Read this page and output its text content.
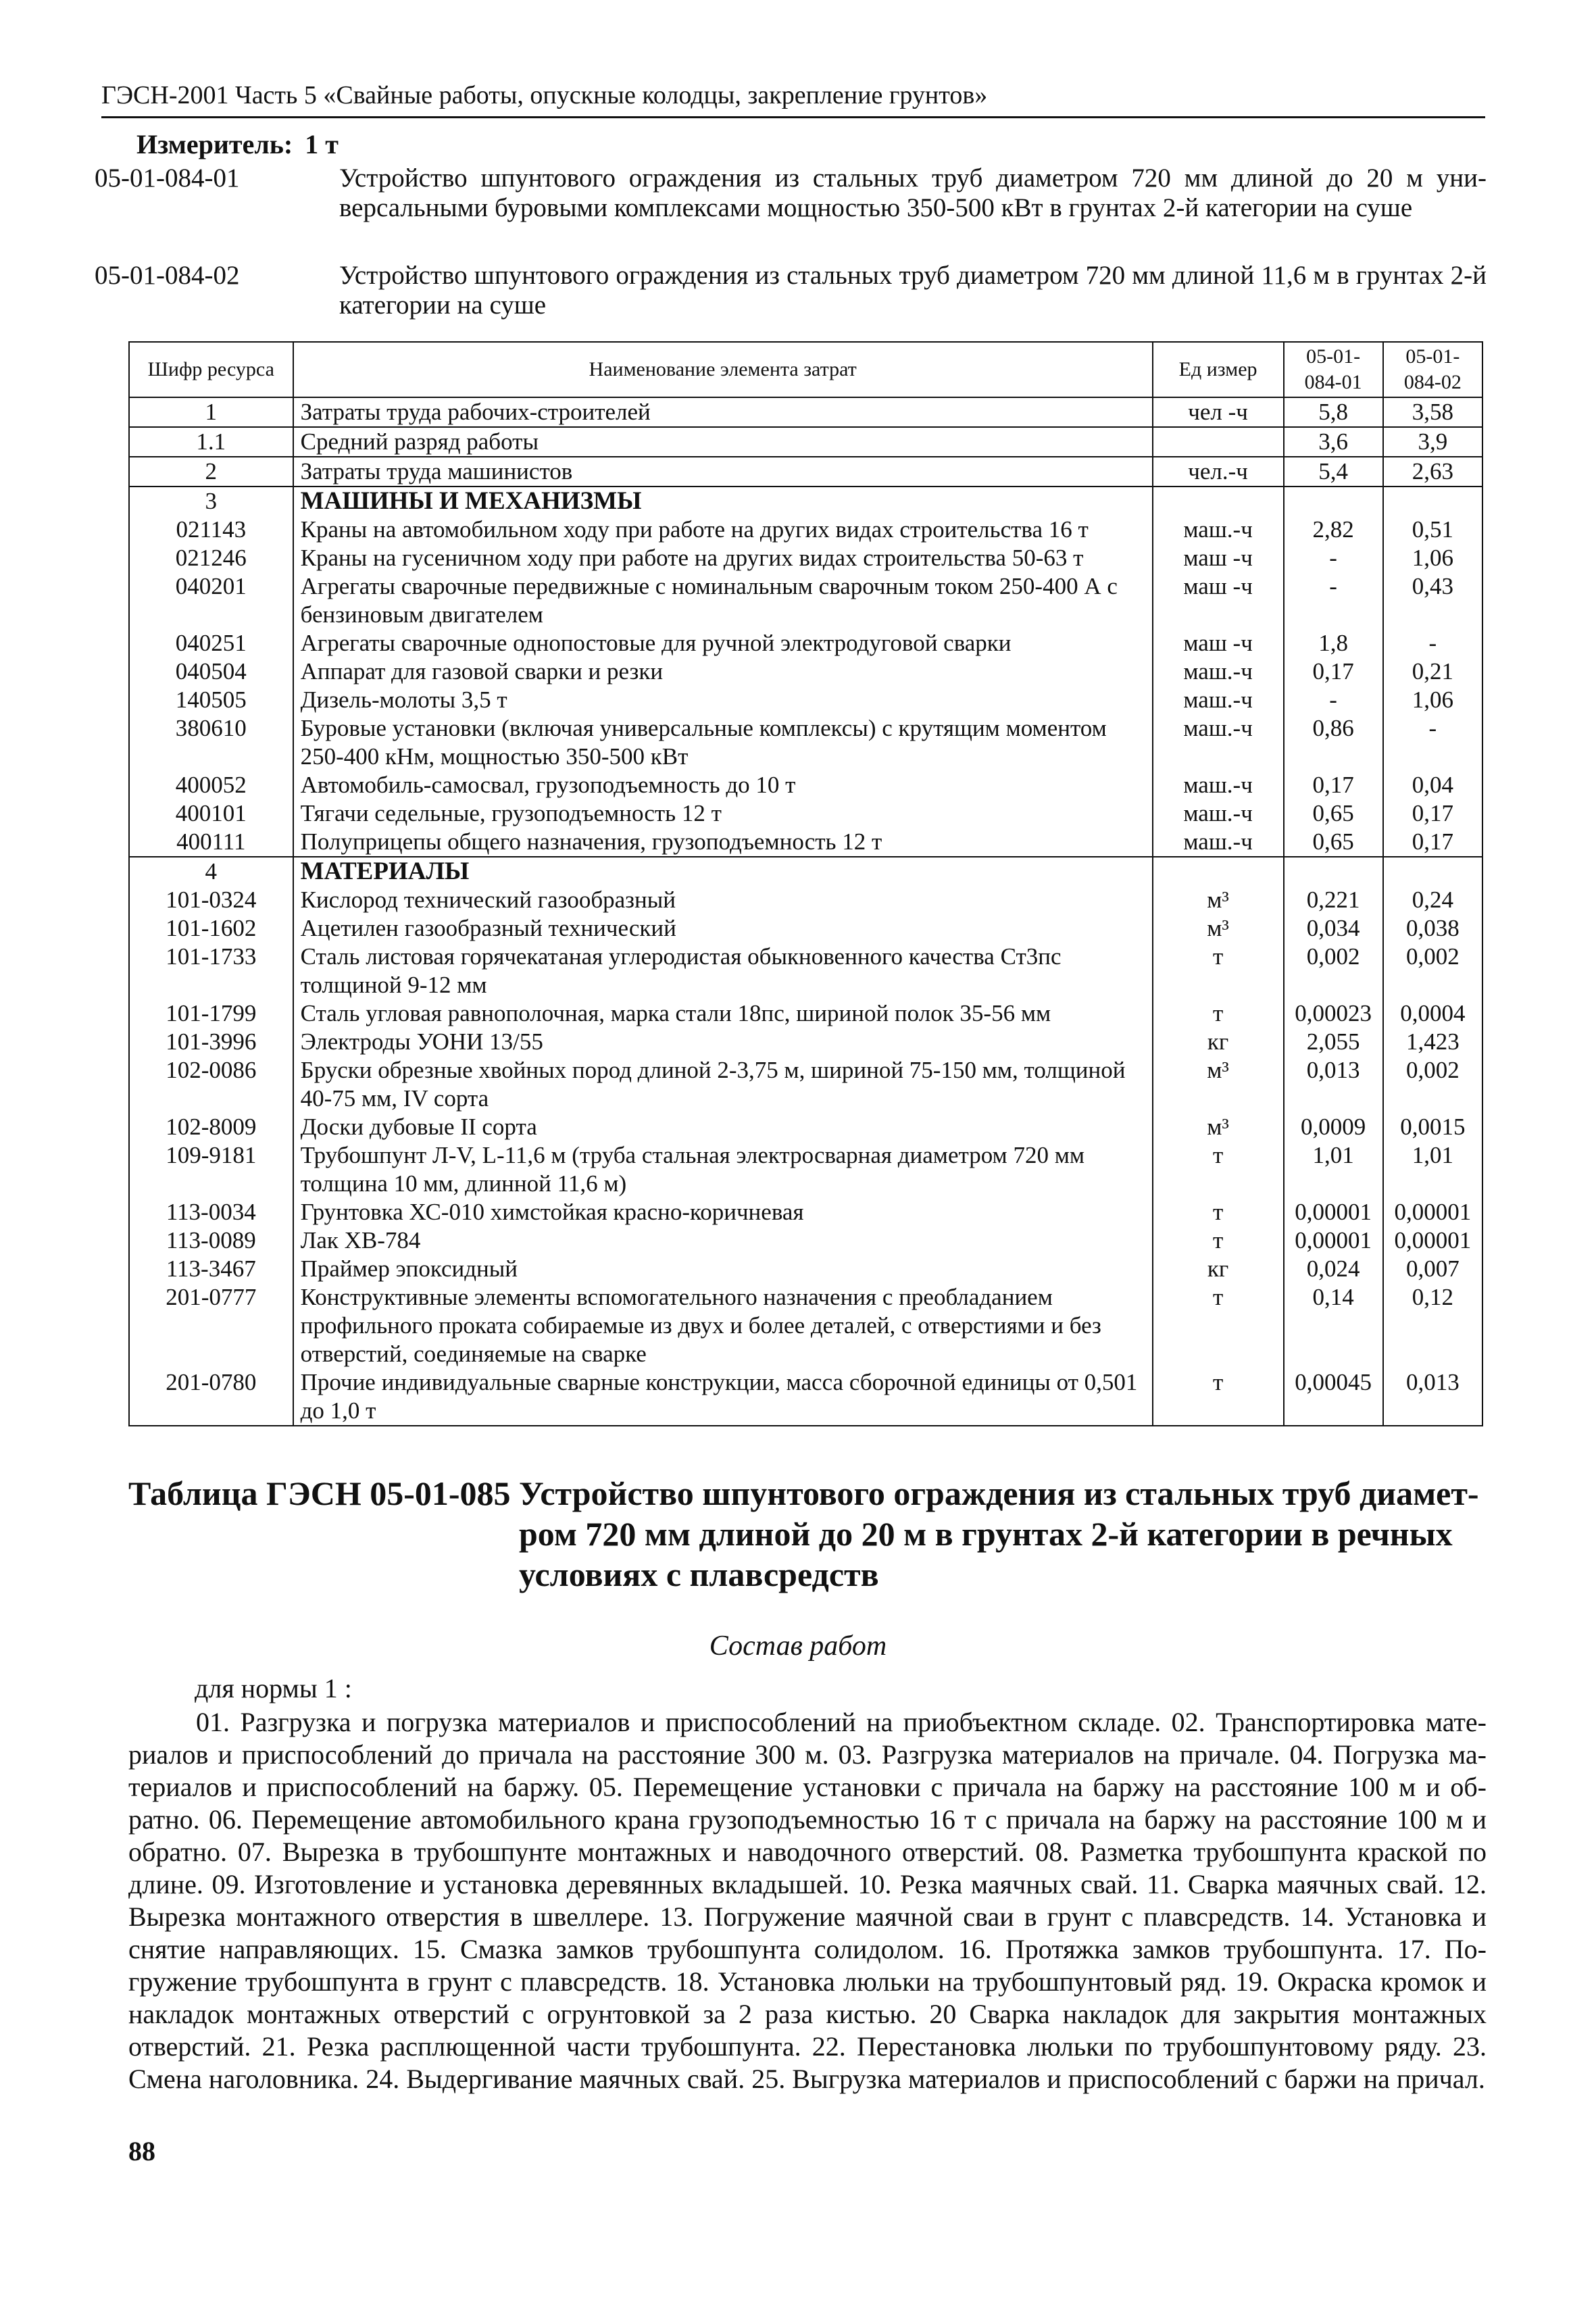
ГЭСН-2001 Часть 5 «Свайные работы, опускные колодцы, закрепление грунтов»
Измеритель: 1 т
05-01-084-01	Устройство шпунтового ограждения из стальных труб диаметром 720 мм длиной до 20 м универсальными буровыми комплексами мощностью 350-500 кВт в грунтах 2-й категории на суше
05-01-084-02	Устройство шпунтового ограждения из стальных труб диаметром 720 мм длиной 11,6 м в грунтах 2-й категории на суше
Шифр ресурса	Наименование элемента затрат	Ед измер	05-01-084-01	05-01-084-02
1	Затраты труда рабочих-строителей	чел -ч	5,8	3,58
1.1	Средний разряд работы		3,6	3,9
2	Затраты труда машинистов	чел.-ч	5,4	2,63
3	МАШИНЫ И МЕХАНИЗМЫ			
021143	Краны на автомобильном ходу при работе на других видах строительства 16 т	маш.-ч	2,82	0,51
021246	Краны на гусеничном ходу при работе на других видах строительства 50-63 т	маш -ч	-	1,06
040201	Агрегаты сварочные передвижные с номинальным сварочным током 250-400 А с бензиновым двигателем	маш -ч	-	0,43
040251	Агрегаты сварочные однопостовые для ручной электродуговой сварки	маш -ч	1,8	-
040504	Аппарат для газовой сварки и резки	маш.-ч	0,17	0,21
140505	Дизель-молоты 3,5 т	маш.-ч	-	1,06
380610	Буровые установки (включая универсальные комплексы) с крутящим моментом 250-400 кНм, мощностью 350-500 кВт	маш.-ч	0,86	-
400052	Автомобиль-самосвал, грузоподъемность до 10 т	маш.-ч	0,17	0,04
400101	Тягачи седельные, грузоподъемность 12 т	маш.-ч	0,65	0,17
400111	Полуприцепы общего назначения, грузоподъемность 12 т	маш.-ч	0,65	0,17
4	МАТЕРИАЛЫ			
101-0324	Кислород технический газообразный	м³	0,221	0,24
101-1602	Ацетилен газообразный технический	м³	0,034	0,038
101-1733	Сталь листовая горячекатаная углеродистая обыкновенного качества Ст3пс толщиной 9-12 мм	т	0,002	0,002
101-1799	Сталь угловая равнополочная, марка стали 18пс, шириной полок 35-56 мм	т	0,00023	0,0004
101-3996	Электроды УОНИ 13/55	кг	2,055	1,423
102-0086	Бруски обрезные хвойных пород длиной 2-3,75 м, шириной 75-150 мм, толщиной 40-75 мм, IV сорта	м³	0,013	0,002
102-8009	Доски дубовые II сорта	м³	0,0009	0,0015
109-9181	Трубошпунт Л-V, L-11,6 м (труба стальная электросварная диаметром 720 мм толщина 10 мм, длинной 11,6 м)	т	1,01	1,01
113-0034	Грунтовка ХС-010 химстойкая красно-коричневая	т	0,00001	0,00001
113-0089	Лак ХВ-784	т	0,00001	0,00001
113-3467	Праймер эпоксидный	кг	0,024	0,007
201-0777	Конструктивные элементы вспомогательного назначения с преобладанием профильного проката собираемые из двух и более деталей, с отверстиями и без отверстий, соединяемые на сварке	т	0,14	0,12
201-0780	Прочие индивидуальные сварные конструкции, масса сборочной единицы от 0,501 до 1,0 т	т	0,00045	0,013
Таблица ГЭСН 05-01-085 Устройство шпунтового ограждения из стальных труб диамет-
ром 720 мм длиной до 20 м в грунтах 2-й категории в речных
условиях с плавсредств
Состав работ
для нормы 1 :
01. Разгрузка и погрузка материалов и приспособлений на приобъектном складе. 02. Транспортировка материалов и приспособлений до причала на расстояние 300 м. 03. Разгрузка материалов на причале. 04. Погрузка материалов и приспособлений на баржу. 05. Перемещение установки с причала на баржу на расстояние 100 м и обратно. 06. Перемещение автомобильного крана грузоподъемностью 16 т с причала на баржу на расстояние 100 м и обратно. 07. Вырезка в трубошпунте монтажных и наводочного отверстий. 08. Разметка трубошпунта краской по длине. 09. Изготовление и установка деревянных вкладышей. 10. Резка маячных свай. 11. Сварка маячных свай. 12. Вырезка монтажного отверстия в швеллере. 13. Погружение маячной сваи в грунт с плавсредств. 14. Установка и снятие направляющих. 15. Смазка замков трубошпунта солидолом. 16. Протяжка замков трубошпунта. 17. Погружение трубошпунта в грунт с плавсредств. 18. Установка люльки на трубошпунтовый ряд. 19. Окраска кромок и накладок монтажных отверстий с огрунтовкой за 2 раза кистью. 20 Сварка накладок для закрытия монтажных отверстий. 21. Резка расплющенной части трубошпунта. 22. Перестановка люльки по трубошпунтовому ряду. 23. Смена наголовника. 24. Выдергивание маячных свай. 25. Выгрузка материалов и приспособлений с баржи на причал.
88
